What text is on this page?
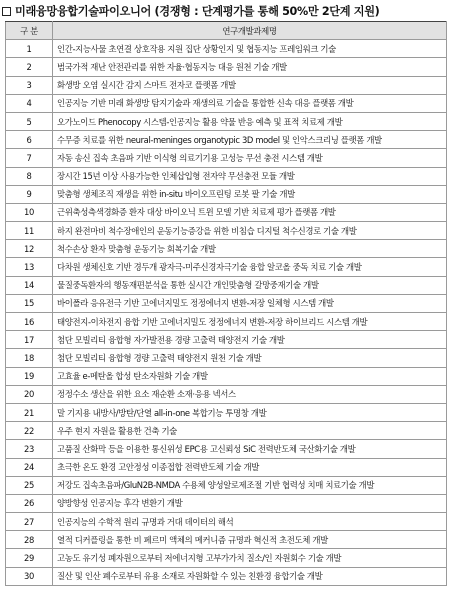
미래융망융합기술파이오니어 (경쟁형 : 단계평가를 통해 50%만 2단계 지원)
구 분	연구개발과제명
1	인간-지능사물 초연결 상호작용 지원 집단 상황인지 및 협동지능 프레임워크 기술
2	범국가적 재난 안전관리를 위한 자율·협동지능 대응 원천 기술 개발
3	화생방 오염 실시간 감지 스마트 전자코 플랫폼 개발
4	인공지능 기반 미래 화생방 탐지기술과 재생의료 기술을 통합한 신속 대응 플랫폼 개발
5	오가노이드 Phenocopy 시스템-인공지능 활용 약물 반응 예측 및 표적 치료제 개발
6	수무증 치료를 위한 neural-meninges organotypic 3D model 및 인악스크리닝 플랫폼 개발
7	자동 송신 집속 초음파 기반 이식형 의료기기용 고성능 무선 충전 시스템 개발
8	장시간 15년 이상 사용가능한 인체삽입형 전자약 무선충전 모듈 개발
9	맞춤형 생체조직 재생을 위한 in-situ 바이오프린팅 로봇 팔 기술 개발
10	근위축성측색경화증 환자 대상 바이오닉 트윈 모델 기반 치료제 평가 플랫폼 개발
11	하지 완전마비 척수장애인의 운동기능증강을 위한 비침습 디지털 척수신경로 기술 개발
12	척수손상 환자 맞춤형 운동기능 회복기술 개발
13	다차원 생체신호 기반 경두개 광자극-미주신경자극기술 융합 알코올 중독 치료 기술 개발
14	물질중독환자의 행동재편분석을 통한 실시간 개인맞춤형 갈망중재기술 개발
15	바이폴라 응유전극 기반 고에너지밀도 정정에너지 변환-저장 일체형 시스템 개발
16	태양전지-이차전지 융합 기반 고에너지밀도 정정에너지 변환-저장 하이브리드 시스템 개발
17	첨단 모빌리티 융합형 자가발전용 경량 고출력 태양전지 기술 개발
18	첨단 모빌리티 융합형 경량 고출력 태양전지 원천 기술 개발
19	고효율 e-메탄올 합성 탄소자원화 기술 개발
20	정정수소 생산을 위한 요소 재순환 소재·응용 넥서스
21	말 기지용 내방사/방탄/단열 all-in-one 복합기능 투명창 개발
22	우주 현지 자원을 활용한 건축 기술
23	고품질 산화막 등을 이용한 통신위성 EPC용 고신뢰성 SiC 전력반도체 국산화기술 개발
24	초극한 온도 환경 고안정성 이종접합 전력반도체 기술 개발
25	저강도 집속초음파/GluN2B-NMDA 수용체 양성알로제조절 기반 협력성 치매 치료기술 개발
26	양방향성 인공지능 후각 변환기 개발
27	인공지능의 수학적 원리 규명과 거대 데이터의 해석
28	열적 디커플링을 통한 비 페르미 액체의 메커니즘 규명과 혁신적 초전도체 개발
29	고농도 유기성 폐자원으로부터 저에너지형 고부가가치 질소/인 자원회수 기술 개발
30	질산 및 인산 폐수로부터 유용 소재로 자원화할 수 있는 친환경 융합기술 개발
